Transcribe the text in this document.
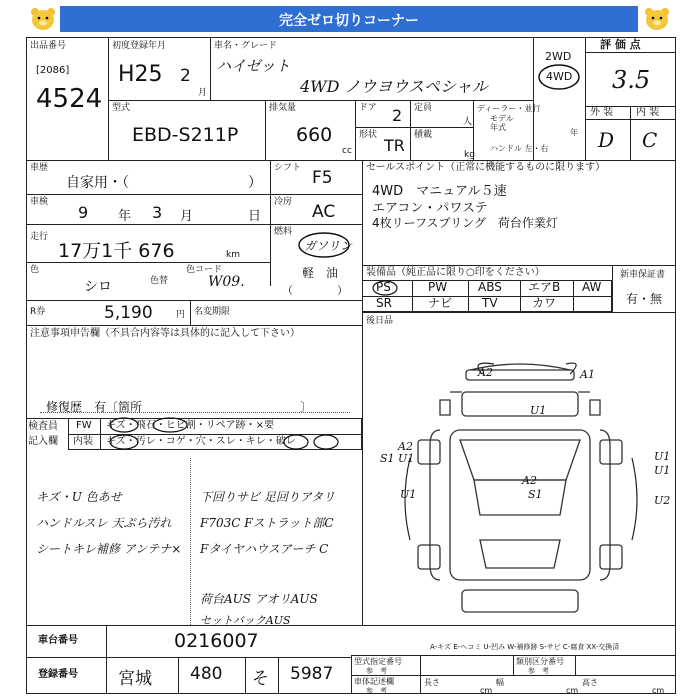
完全ゼロ切りコーナー
出品番号
[2086]
4524
初度登録年月
H25 2
月
車名・グレード
ハイゼット
4WD ノウヨウスペシャル
2WD
4WD
評 価 点
3.5
外 装 内 装
D C
型式
EBD-S211P
排気量
660
cc
ドア 2 定員
人
形状
TR
積載
kg
ディーラー・並行
モデル
年式
年
ハンドル 左・右
車歴
自家用・（	）
シフト F5
車検
9 年 3 月	日
冷房 AC
走行
17万1千 676	km
燃料
ガソリン
軽　油
（　　　　）
色
シロ	色替
色コード
W09.
R券	5,190	円 名変期限
セールスポイント（正常に機能するものに限ります）
4WD　マニュアル５速
エアコン・パワステ
4枚リーフスプリング　荷台作業灯
装備品（純正品に限り○印をください）
PS	PW	ABS エアB AW
SR	ナビ TV	カワ
新車保証書
有・無
後日品
注意事項申告欄（不具合内容等は具体的に記入して下さい）
修復歴　有〔箇所	〕
検査員
記入欄
FW
内装
キズ・飛石・ヒビ割・リペア跡・×要
キズ・汚レ・コゲ・穴・スレ・キレ・破レ
キズ・U 色あせ
ハンドルスレ 天ぷら汚れ
シートキレ補修 アンテナ×
下回りサビ 足回りアタリ
F703C Fストラット部C
Fタイヤハウスアーチ C
荷台AUS アオリAUS
セットバックAUS
A2	A1
U1
A2
S1 U1	U1
U1
A2
S1
U1	U2
A-キズ E-ヘコミ U-凹み W-補修跡 S-サビ C-腐食 XX-交換済
車台番号	0216007
登録番号 宮城 480 そ 5987
型式指定番号
参　考
車体記述欄
参　考
類別区分番号
参　考
長さ
cm
幅
cm
高さ
cm
